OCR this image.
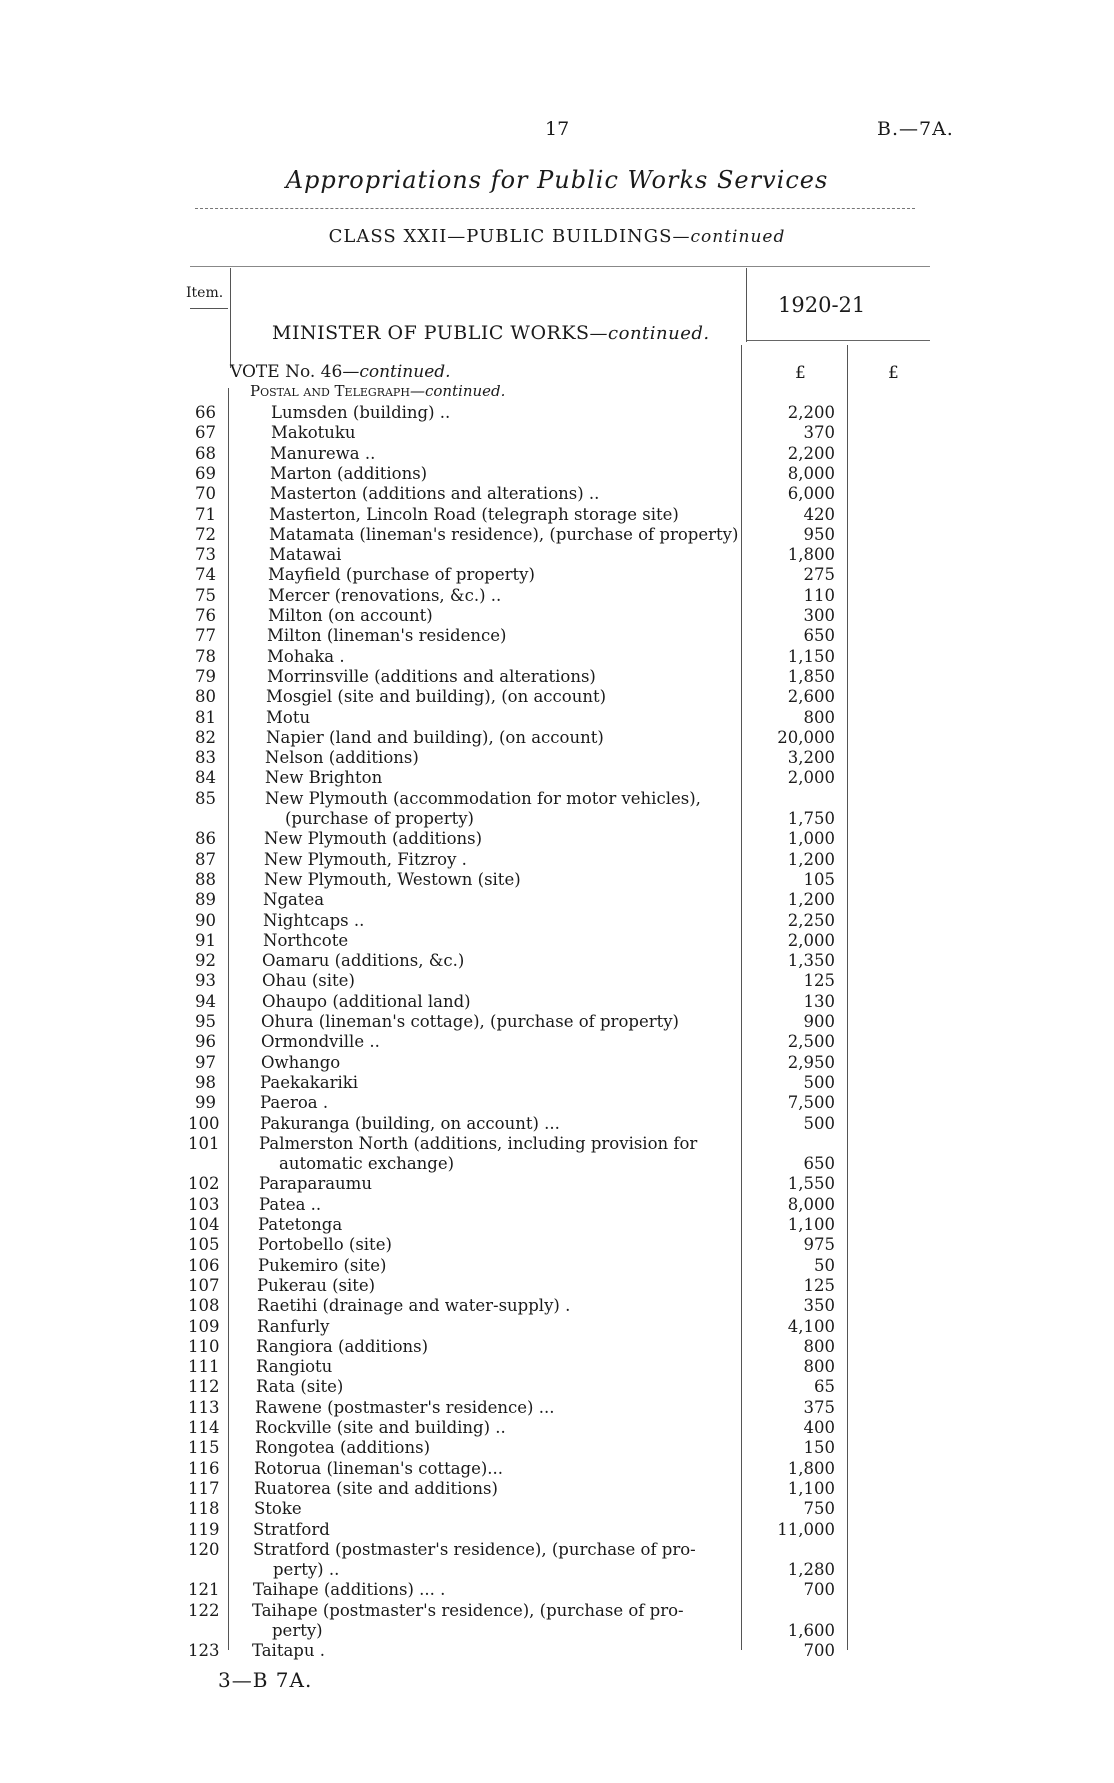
17	B.—7A.
Appropriations for Public Works Services
CLASS XXII—PUBLIC BUILDINGS—continued
Item.	1920-21
MINISTER OF PUBLIC WORKS—continued.
VOTE No. 46—continued.
Postal and Telegraph—continued.
£	£
66	Lumsden (building) ..	2,200
67	Makotuku	370
68	Manurewa ..	2,200
69	Marton (additions)	8,000
70	Masterton (additions and alterations) ..	6,000
71	Masterton, Lincoln Road (telegraph storage site)	420
72	Matamata (lineman's residence), (purchase of property)	950
73	Matawai	1,800
74	Mayfield (purchase of property)	275
75	Mercer (renovations, &c.) ..	110
76	Milton (on account)	300
77	Milton (lineman's residence)	650
78	Mohaka .	1,150
79	Morrinsville (additions and alterations)	1,850
80	Mosgiel (site and building), (on account)	2,600
81	Motu	800
82	Napier (land and building), (on account)	20,000
83	Nelson (additions)	3,200
84	New Brighton	2,000
85	New Plymouth (accommodation for motor vehicles),
(purchase of property)	1,750
86	New Plymouth (additions)	1,000
87	New Plymouth, Fitzroy .	1,200
88	New Plymouth, Westown (site)	105
89	Ngatea	1,200
90	Nightcaps ..	2,250
91	Northcote	2,000
92	Oamaru (additions, &c.)	1,350
93	Ohau (site)	125
94	Ohaupo (additional land)	130
95	Ohura (lineman's cottage), (purchase of property)	900
96	Ormondville ..	2,500
97	Owhango	2,950
98	Paekakariki	500
99	Paeroa .	7,500
100 Pakuranga (building, on account) ...	500
101 Palmerston North (additions, including provision for
automatic exchange)	650
102 Paraparaumu	1,550
103 Patea ..	8,000
104 Patetonga	1,100
105 Portobello (site)	975
106 Pukemiro (site)	50
107 Pukerau (site)	125
108 Raetihi (drainage and water-supply) .	350
109 Ranfurly	4,100
110 Rangiora (additions)	800
111 Rangiotu	800
112 Rata (site)	65
113 Rawene (postmaster's residence) ...	375
114 Rockville (site and building) ..	400
115 Rongotea (additions)	150
116 Rotorua (lineman's cottage)...	1,800
117 Ruatorea (site and additions)	1,100
118 Stoke	750
119 Stratford	11,000
120 Stratford (postmaster's residence), (purchase of pro-
perty) ..	1,280
121 Taihape (additions) ... .	700
122 Taihape (postmaster's residence), (purchase of pro-
perty)	1,600
123 Taitapu .	700
3—B 7A.
